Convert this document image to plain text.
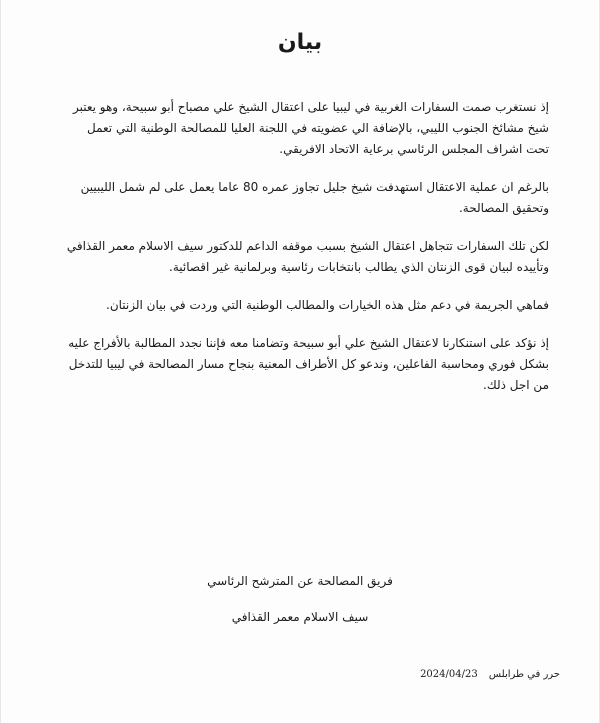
بيان

إذ نستغرب صمت السفارات الغربية في ليبيا على اعتقال الشيخ علي مصباح أبو سبيحة، وهو يعتبر شيخ مشائخ الجنوب الليبي، بالإضافة الي عضويته في اللجنة العليا للمصالحة الوطنية التي تعمل تحت اشراف المجلس الرئاسي برعاية الاتحاد الافريقي.

بالرغم ان عملية الاعتقال استهدفت شيخ جليل تجاوز عمره 80 عاما يعمل على لم شمل الليبيين وتحقيق المصالحة.

لكن تلك السفارات تتجاهل اعتقال الشيخ بسبب موقفه الداعم للدكتور سيف الاسلام معمر القذافي وتأييده لبيان قوى الزنتان الذي يطالب بانتخابات رئاسية وبرلمانية غير اقصائية.

فماهي الجريمة في دعم مثل هذه الخيارات والمطالب الوطنية التي وردت في بيان الزنتان.

إذ نؤكد على استنكارنا لاعتقال الشيخ علي أبو سبيحة وتضامنا معه فإننا نجدد المطالبة بالأفراج عليه بشكل فوري ومحاسبة الفاعلين، وندعو كل الأطراف المعنية بنجاح مسار المصالحة في ليبيا للتدخل من اجل ذلك.

فريق المصالحة عن المترشح الرئاسي
سيف الاسلام معمر القذافي
حرر في طرابلس 2024/04/23
